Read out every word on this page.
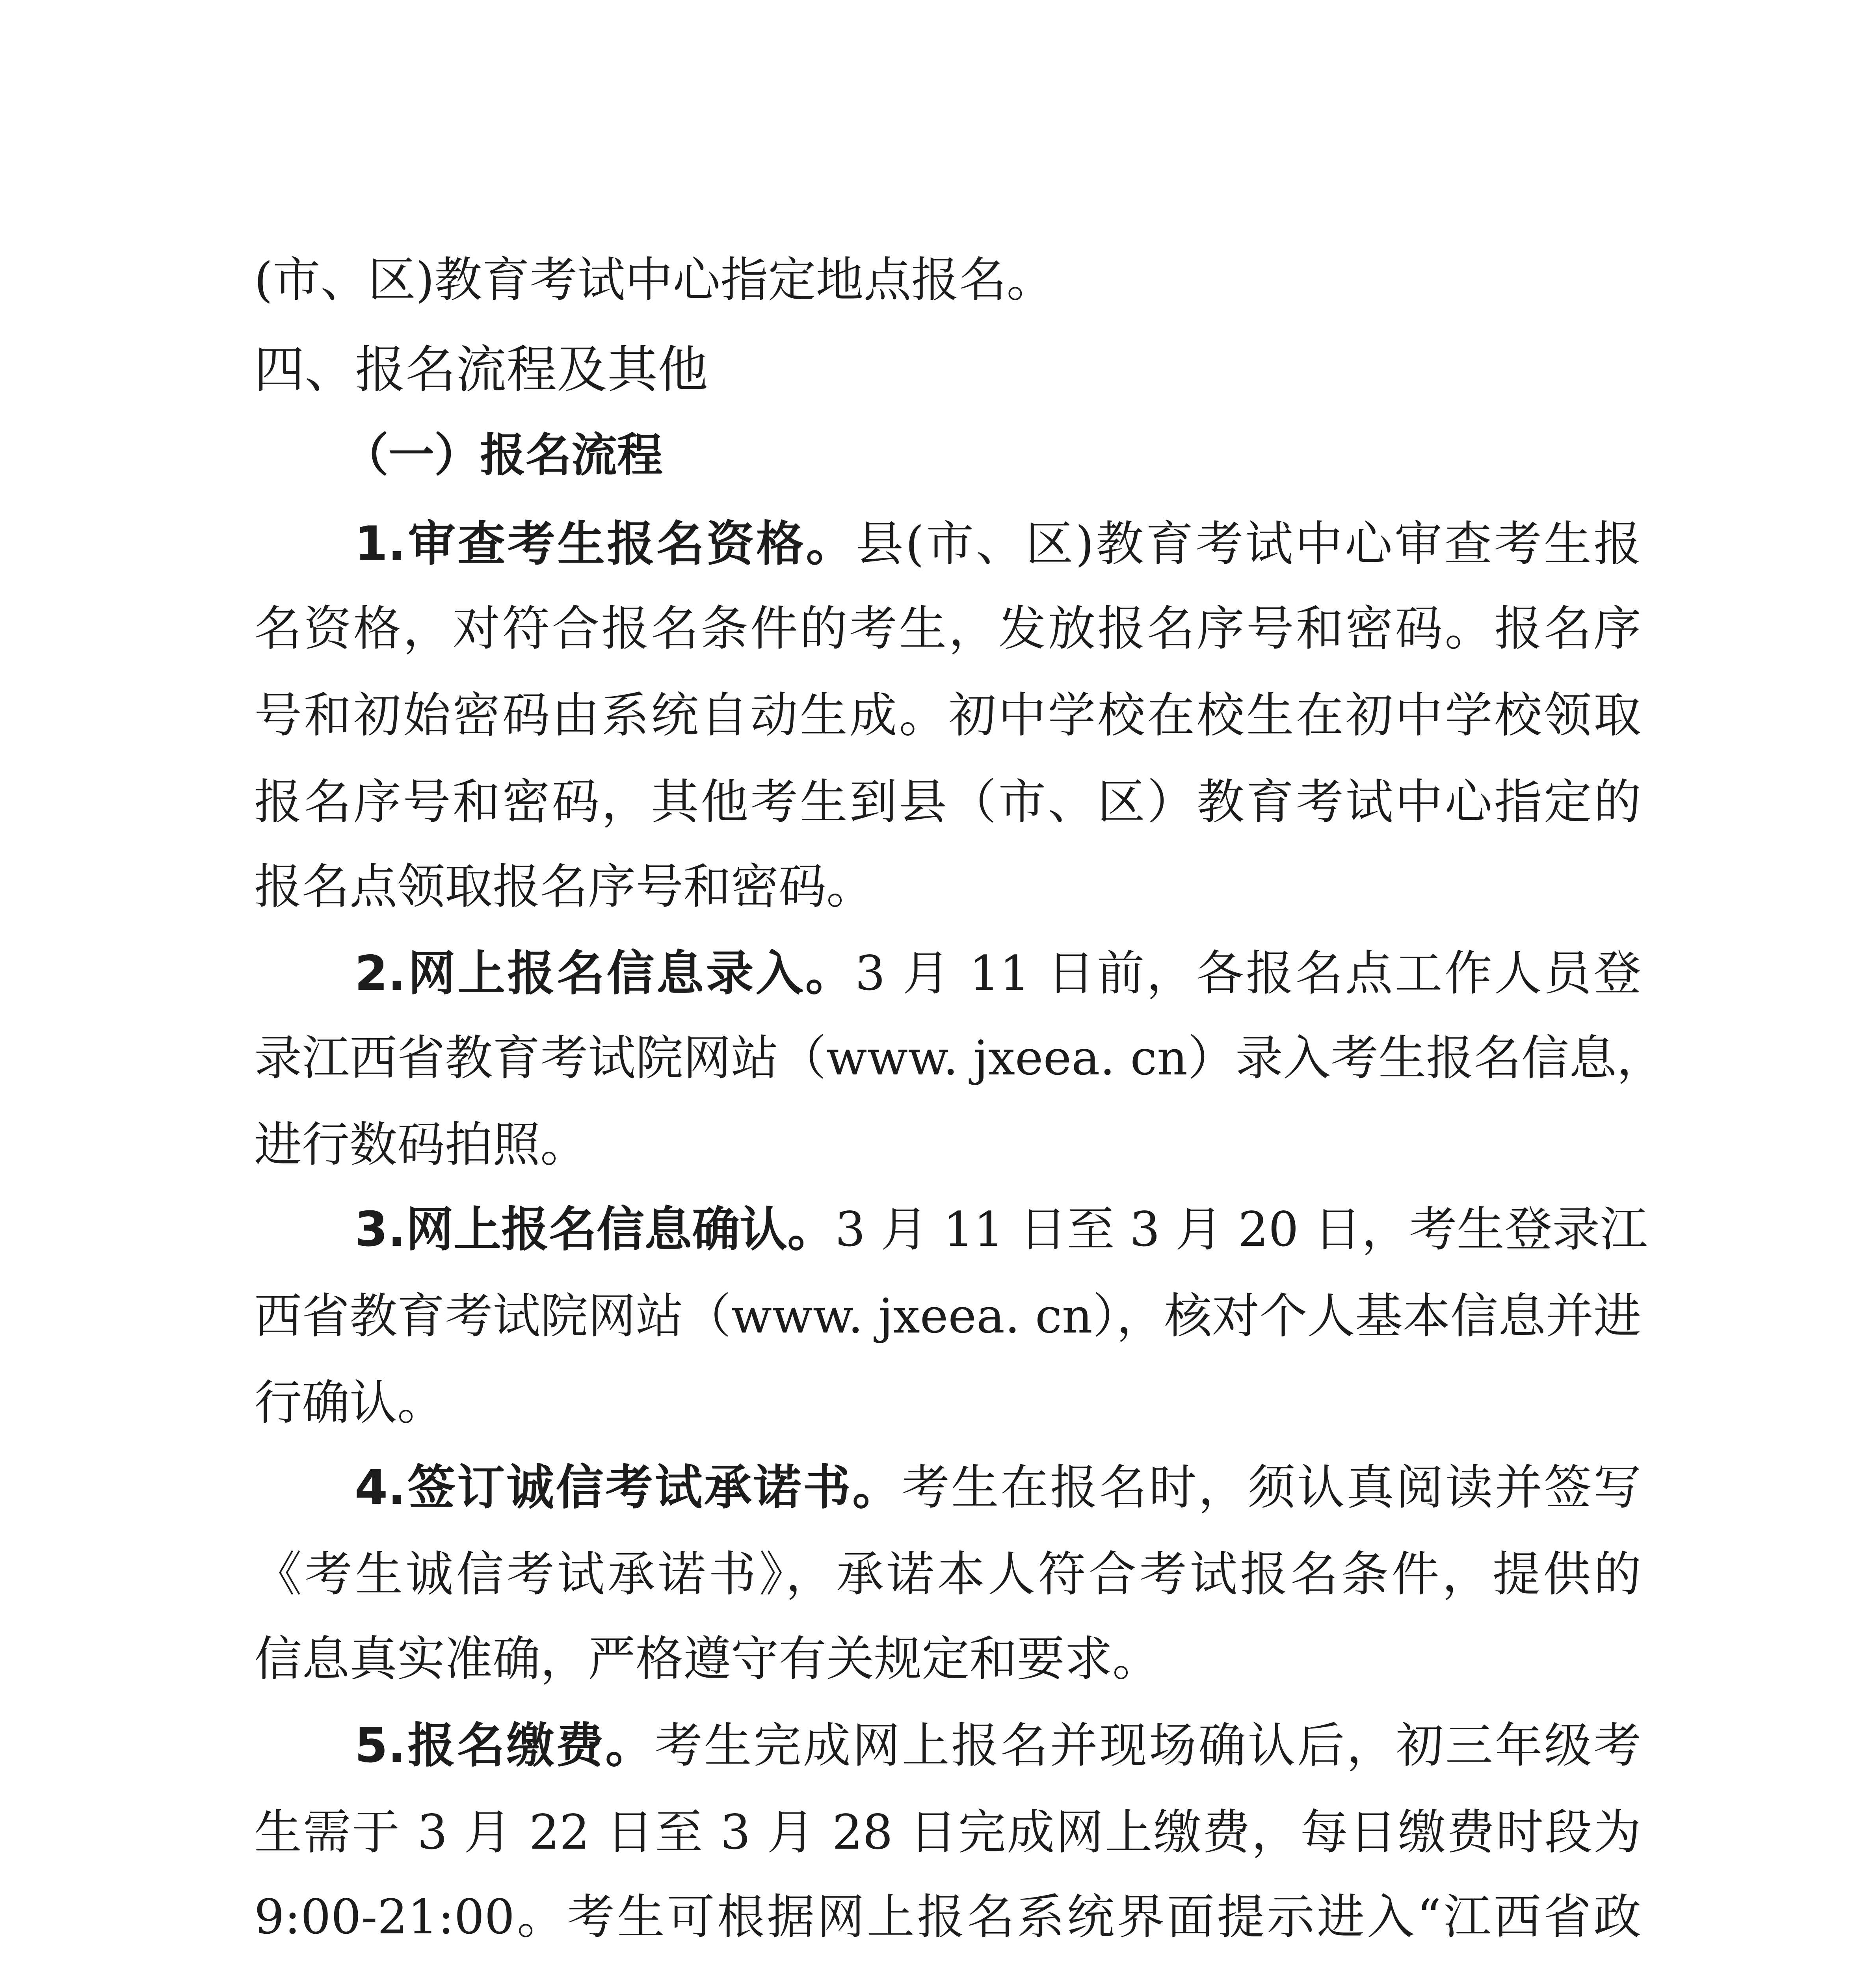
(市、区)教育考试中心指定地点报名。
四、报名流程及其他
（一）报名流程
1.审查考生报名资格。县(市、区)教育考试中心审查考生报
名资格，对符合报名条件的考生，发放报名序号和密码。报名序
号和初始密码由系统自动生成。初中学校在校生在初中学校领取
报名序号和密码，其他考生到县（市、区）教育考试中心指定的
报名点领取报名序号和密码。
2.网上报名信息录入。3 月 11 日前，各报名点工作人员登
录江西省教育考试院网站（www. jxeea. cn）录入考生报名信息，
进行数码拍照。
3.网上报名信息确认。3 月 11 日至 3 月 20 日，考生登录江
西省教育考试院网站（www. jxeea. cn），核对个人基本信息并进
行确认。
4.签订诚信考试承诺书。考生在报名时，须认真阅读并签写
《考生诚信考试承诺书》，承诺本人符合考试报名条件，提供的
信息真实准确，严格遵守有关规定和要求。
5.报名缴费。考生完成网上报名并现场确认后，初三年级考
生需于 3 月 22 日至 3 月 28 日完成网上缴费，每日缴费时段为
9:00-21:00。考生可根据网上报名系统界面提示进入“江西省政
